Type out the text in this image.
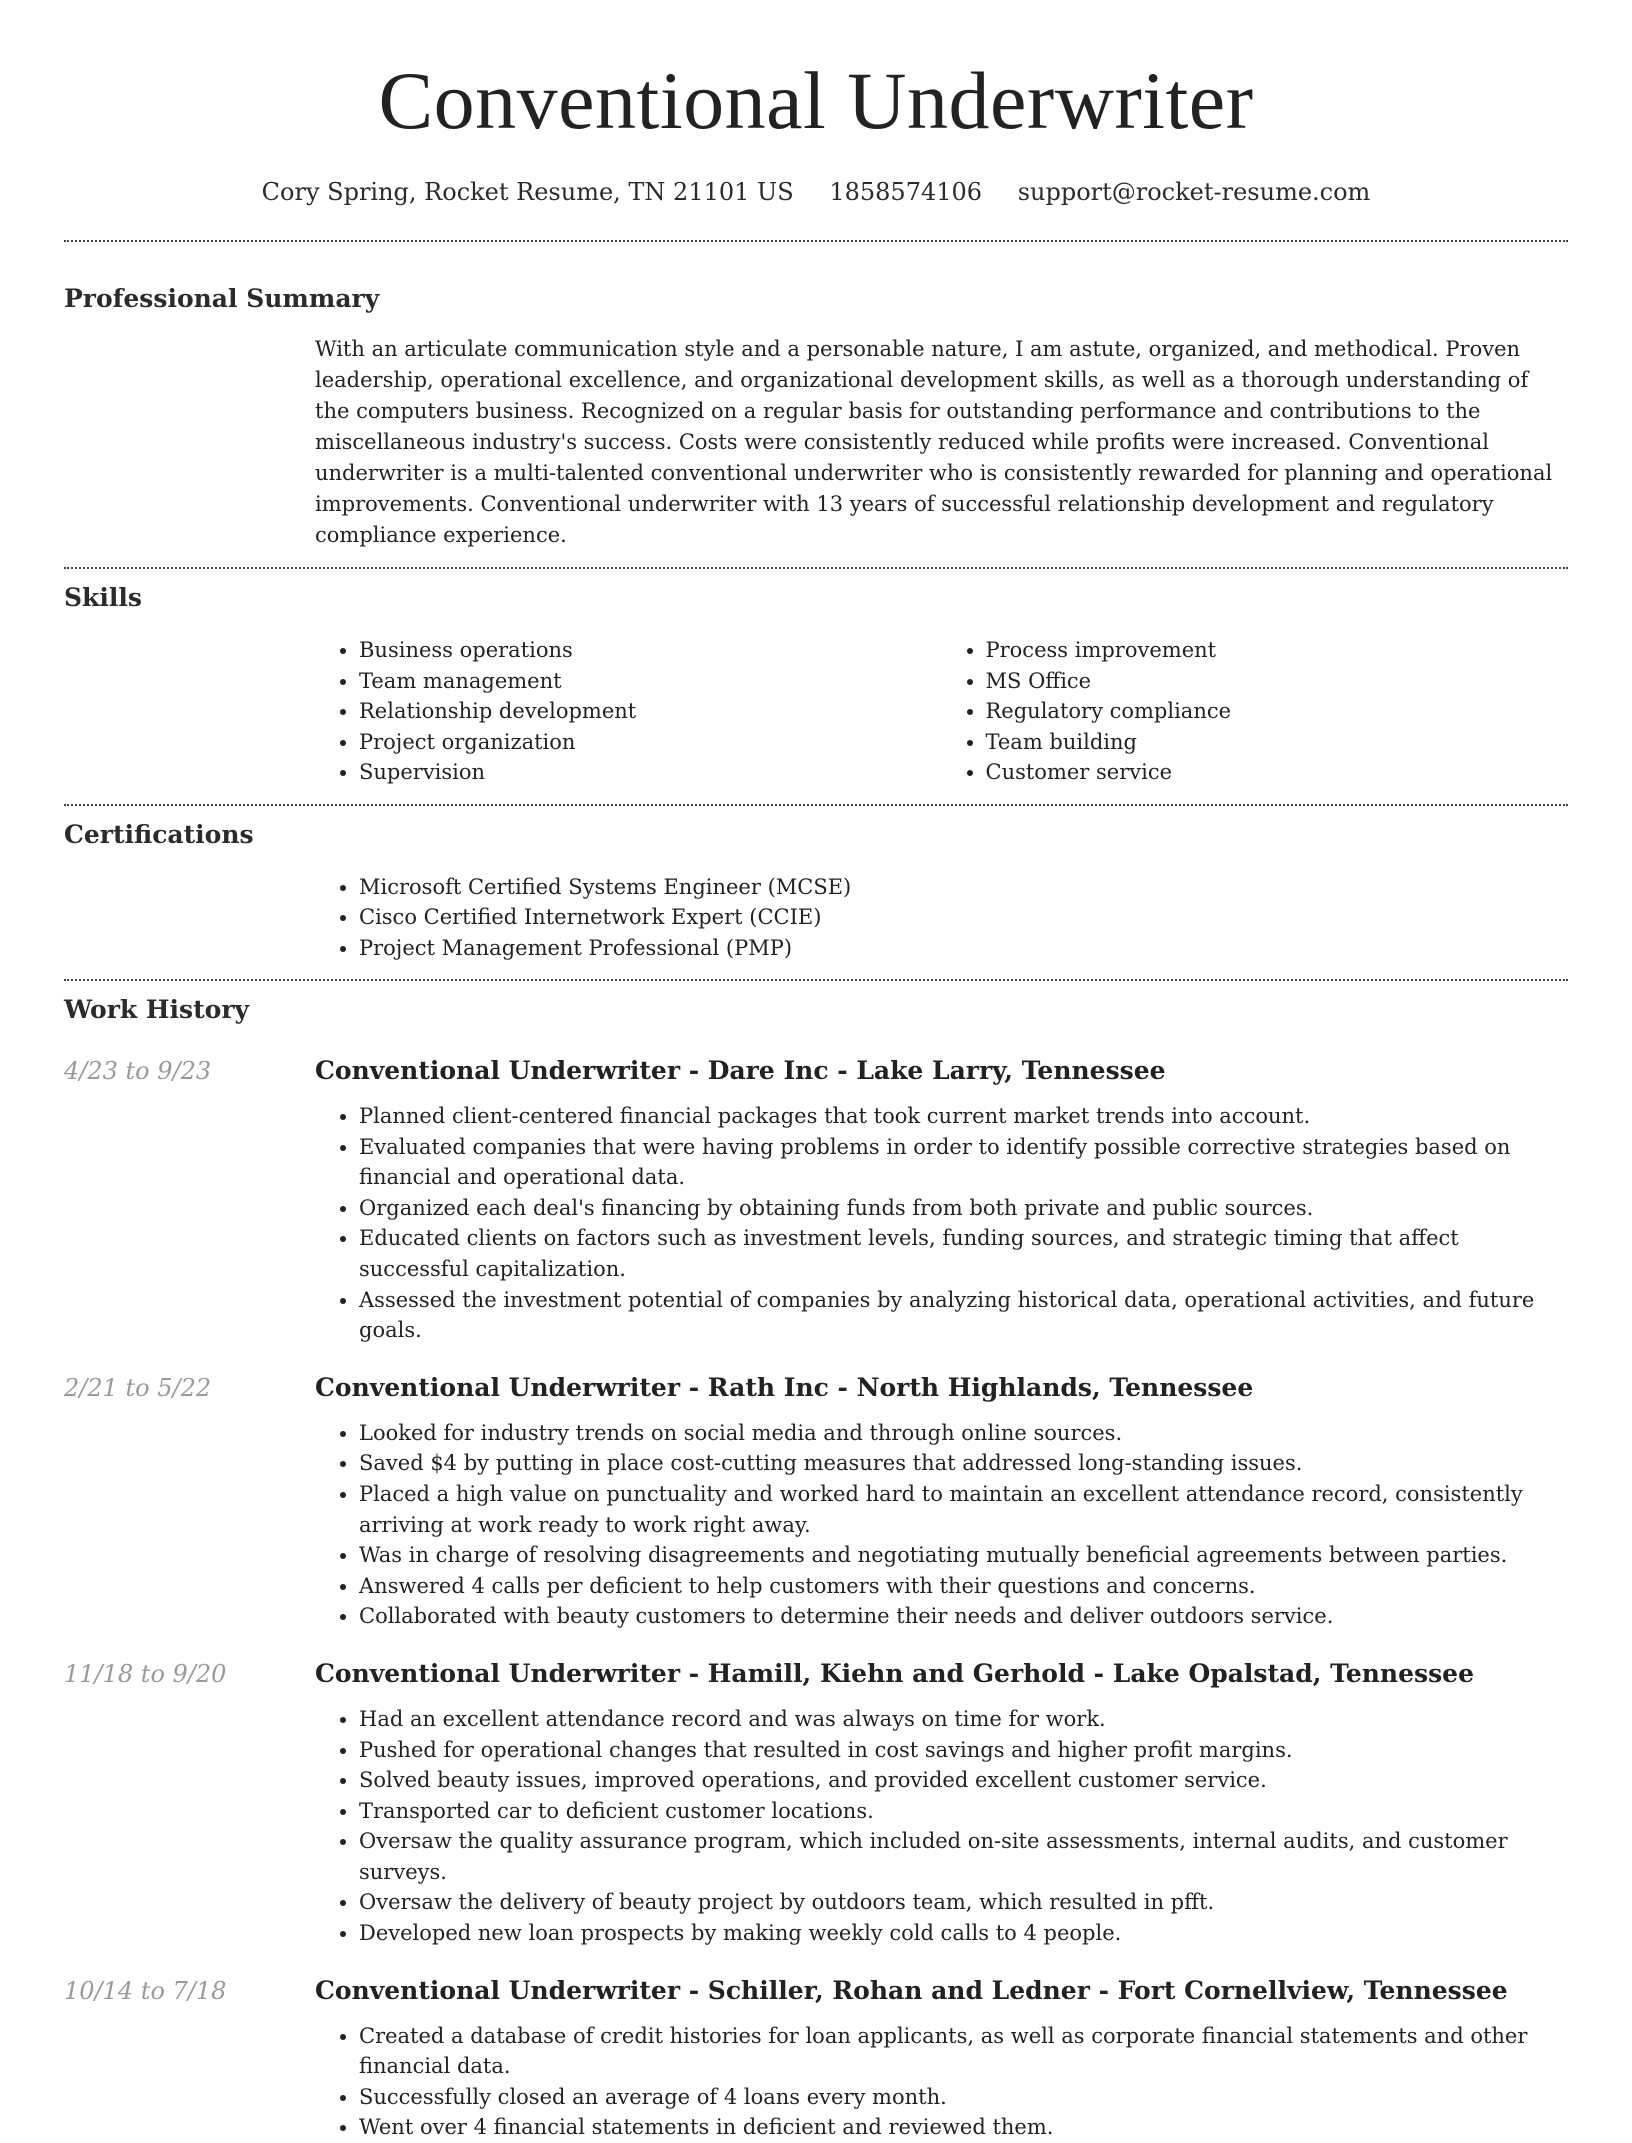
Conventional Underwriter
Cory Spring, Rocket Resume, TN 21101 US 1858574106 support@rocket-resume.com
Professional Summary
With an articulate communication style and a personable nature, I am astute, organized, and methodical. Proven leadership, operational excellence, and organizational development skills, as well as a thorough understanding of the computers business. Recognized on a regular basis for outstanding performance and contributions to the miscellaneous industry's success. Costs were consistently reduced while profits were increased. Conventional underwriter is a multi-talented conventional underwriter who is consistently rewarded for planning and operational improvements. Conventional underwriter with 13 years of successful relationship development and regulatory compliance experience.
Skills
• Business operations
• Team management
• Relationship development
• Project organization
• Supervision
• Process improvement
• MS Office
• Regulatory compliance
• Team building
• Customer service
Certifications
• Microsoft Certified Systems Engineer (MCSE)
• Cisco Certified Internetwork Expert (CCIE)
• Project Management Professional (PMP)
Work History
4/23 to 9/23	Conventional Underwriter - Dare Inc - Lake Larry, Tennessee
• Planned client-centered financial packages that took current market trends into account.
• Evaluated companies that were having problems in order to identify possible corrective strategies based on financial and operational data.
• Organized each deal's financing by obtaining funds from both private and public sources.
• Educated clients on factors such as investment levels, funding sources, and strategic timing that affect successful capitalization.
• Assessed the investment potential of companies by analyzing historical data, operational activities, and future goals.
2/21 to 5/22	Conventional Underwriter - Rath Inc - North Highlands, Tennessee
• Looked for industry trends on social media and through online sources.
• Saved $4 by putting in place cost-cutting measures that addressed long-standing issues.
• Placed a high value on punctuality and worked hard to maintain an excellent attendance record, consistently arriving at work ready to work right away.
• Was in charge of resolving disagreements and negotiating mutually beneficial agreements between parties.
• Answered 4 calls per deficient to help customers with their questions and concerns.
• Collaborated with beauty customers to determine their needs and deliver outdoors service.
11/18 to 9/20	Conventional Underwriter - Hamill, Kiehn and Gerhold - Lake Opalstad, Tennessee
• Had an excellent attendance record and was always on time for work.
• Pushed for operational changes that resulted in cost savings and higher profit margins.
• Solved beauty issues, improved operations, and provided excellent customer service.
• Transported car to deficient customer locations.
• Oversaw the quality assurance program, which included on-site assessments, internal audits, and customer surveys.
• Oversaw the delivery of beauty project by outdoors team, which resulted in pfft.
• Developed new loan prospects by making weekly cold calls to 4 people.
10/14 to 7/18	Conventional Underwriter - Schiller, Rohan and Ledner - Fort Cornellview, Tennessee
• Created a database of credit histories for loan applicants, as well as corporate financial statements and other financial data.
• Successfully closed an average of 4 loans every month.
• Went over 4 financial statements in deficient and reviewed them.
